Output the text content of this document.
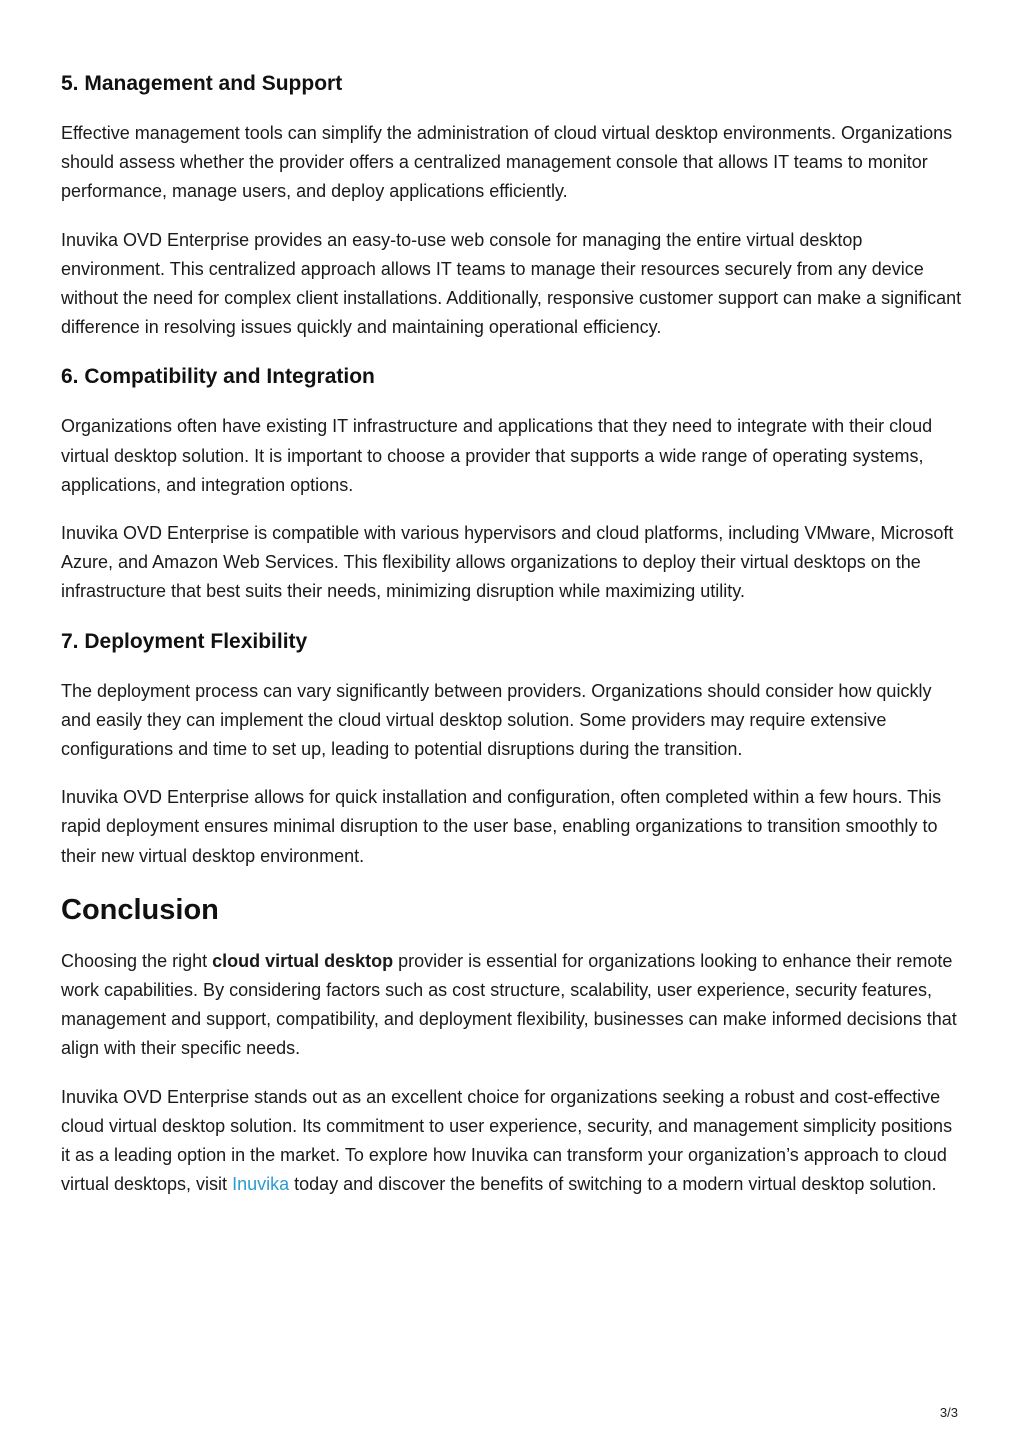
5. Management and Support

Effective management tools can simplify the administration of cloud virtual desktop environments. Organizations should assess whether the provider offers a centralized management console that allows IT teams to monitor performance, manage users, and deploy applications efficiently.

Inuvika OVD Enterprise provides an easy-to-use web console for managing the entire virtual desktop environment. This centralized approach allows IT teams to manage their resources securely from any device without the need for complex client installations. Additionally, responsive customer support can make a significant difference in resolving issues quickly and maintaining operational efficiency.

6. Compatibility and Integration

Organizations often have existing IT infrastructure and applications that they need to integrate with their cloud virtual desktop solution. It is important to choose a provider that supports a wide range of operating systems, applications, and integration options.

Inuvika OVD Enterprise is compatible with various hypervisors and cloud platforms, including VMware, Microsoft Azure, and Amazon Web Services. This flexibility allows organizations to deploy their virtual desktops on the infrastructure that best suits their needs, minimizing disruption while maximizing utility.

7. Deployment Flexibility

The deployment process can vary significantly between providers. Organizations should consider how quickly and easily they can implement the cloud virtual desktop solution. Some providers may require extensive configurations and time to set up, leading to potential disruptions during the transition.

Inuvika OVD Enterprise allows for quick installation and configuration, often completed within a few hours. This rapid deployment ensures minimal disruption to the user base, enabling organizations to transition smoothly to their new virtual desktop environment.

Conclusion

Choosing the right cloud virtual desktop provider is essential for organizations looking to enhance their remote work capabilities. By considering factors such as cost structure, scalability, user experience, security features, management and support, compatibility, and deployment flexibility, businesses can make informed decisions that align with their specific needs.

Inuvika OVD Enterprise stands out as an excellent choice for organizations seeking a robust and cost-effective cloud virtual desktop solution. Its commitment to user experience, security, and management simplicity positions it as a leading option in the market. To explore how Inuvika can transform your organization’s approach to cloud virtual desktops, visit Inuvika today and discover the benefits of switching to a modern virtual desktop solution.

3/3
